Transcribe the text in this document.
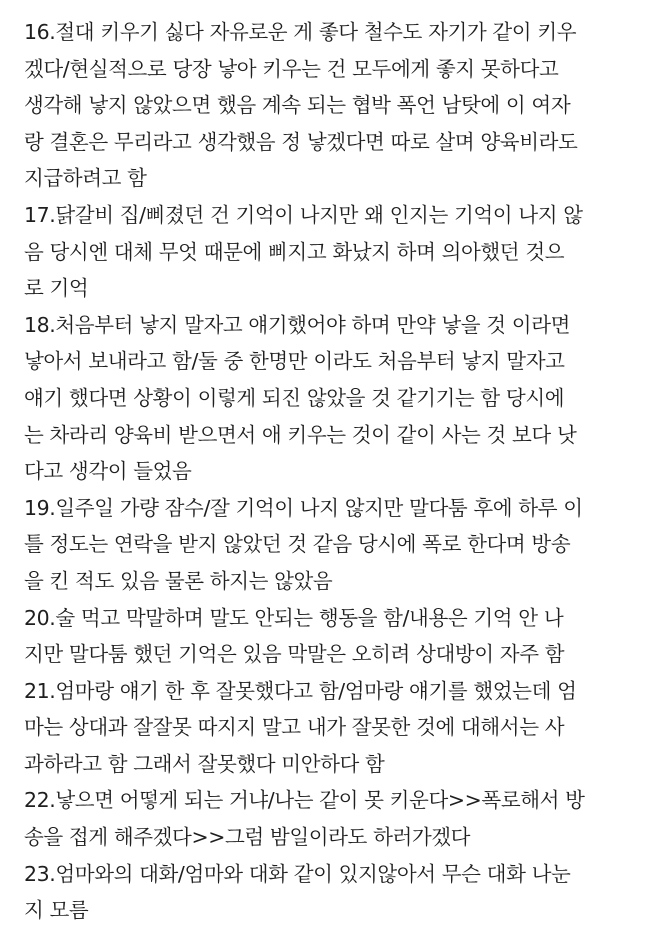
16.절대 키우기 싫다 자유로운 게 좋다 철수도 자기가 같이 키우
겠다/현실적으로 당장 낳아 키우는 건 모두에게 좋지 못하다고
생각해 낳지 않았으면 했음 계속 되는 협박 폭언 남탓에 이 여자
랑 결혼은 무리라고 생각했음 정 낳겠다면 따로 살며 양육비라도
지급하려고 함
17.닭갈비 집/삐졌던 건 기억이 나지만 왜 인지는 기억이 나지 않
음 당시엔 대체 무엇 때문에 삐지고 화났지 하며 의아했던 것으
로 기억
18.처음부터 낳지 말자고 얘기했어야 하며 만약 낳을 것 이라면
낳아서 보내라고 함/둘 중 한명만 이라도 처음부터 낳지 말자고
얘기 했다면 상황이 이렇게 되진 않았을 것 같기기는 함 당시에
는 차라리 양육비 받으면서 애 키우는 것이 같이 사는 것 보다 낫
다고 생각이 들었음
19.일주일 가량 잠수/잘 기억이 나지 않지만 말다툼 후에 하루 이
틀 정도는 연락을 받지 않았던 것 같음 당시에 폭로 한다며 방송
을 킨 적도 있음 물론 하지는 않았음
20.술 먹고 막말하며 말도 안되는 행동을 함/내용은 기억 안 나
지만 말다툼 했던 기억은 있음 막말은 오히려 상대방이 자주 함
21.엄마랑 얘기 한 후 잘못했다고 함/엄마랑 얘기를 했었는데 엄
마는 상대과 잘잘못 따지지 말고 내가 잘못한 것에 대해서는 사
과하라고 함 그래서 잘못했다 미안하다 함
22.낳으면 어떻게 되는 거냐/나는 같이 못 키운다>>폭로해서 방
송을 접게 해주겠다>>그럼 밤일이라도 하러가겠다
23.엄마와의 대화/엄마와 대화 같이 있지않아서 무슨 대화 나눈
지 모름
